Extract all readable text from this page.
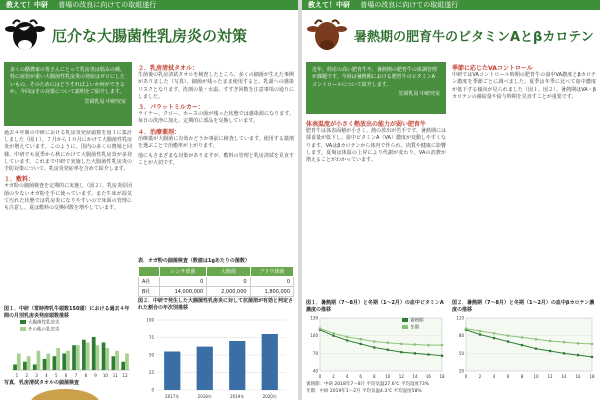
教えて！中研 普場の改良に向けての取組遂行
厄介な大腸菌性乳房炎の対策
多くの酪農家の皆さんにとって乳房炎は悩みの種。特に症状が重い大腸菌性乳房炎の発症はゼロにしたいもの。そのためにはどうすればよいか何ができるか。今回はその対策について説明をご紹介します。
笠岡乳局 中研究室
過去４年間の中研における乳房炎発症頭数を図１に集計しました（図１）。７月から１０月にかけて大腸菌性乳房炎が増えています。このように、国内の多くの農場と同様、中研でも夏季から秋にかけて大腸菌性乳房炎が多発しています。これまで中研で実施した大腸菌性乳房炎の予防対策について、乳房炎発症率を含めて紹介します。
１．敷料：
オガ粉の細菌検査を定期的に実施し（図２）、乳房炎原因菌の少ないオガ粉を手に使っています。また牛床が湿気て汚れた状態では乳房炎になりやすいので床面の管理にも注意し、夏は敷料の交換回数を増やしています。
図１．中研（常時搾乳牛頭数150頭）における過去４年間の月別乳房炎発症頭数推移
1 2 3 4 5 6 7 8 9 10 11 12
大腸菌性乳房炎
その他の乳房炎
写真．乳房清拭タオルの細菌検査
２．乳房清拭タオル：
生菌後の乳房清拭タオルを検査したところ、多くの細菌が生えた事例がありました（写真）。細菌が残ったまま使用すると、乳頭への感染リスクとなります。洗剤の量・水温、すすぎ回数を注意事項の通りにしました。
３．パラットミルカー：
ライナー、クロー、ホースの菌が残った状態では感染源になります。毎日の洗浄に加え、定期的に部品を交換しています。
４．治療薬剤：
治療薬が大腸菌に有効かどうか事前に検査しています。使用する薬剤を選ぶことで治癒率が上がります。
他にもさまざまな対策がありますが、敷料の管理と乳房清拭を見直すことが大切です。
表．オガ粉の細菌検査（数値は1gあたりの菌数）
	レンサ球菌	大腸菌	ブドウ球菌
A社	0	0	0
B社	14,000,000	2,000,000	1,800,000
図２．中研で発生した大腸菌性乳房炎に対して抗菌剤が有効と判定された割合の年次別推移
0
25
50
75
100
2017年	2018年	2019年	2020年
教えて！中研 普場の改良に向けての取組遂行
暑熱期の肥育牛のビタミンAとβカロテン
近年、経産の高い肥育牛や、暑熱期の肥育牛の体調管理が課題です。今回は暑熱期における肥育牛のビタミンAコントロールについて紹介します。
笠岡乳局 中研究室
体表温度が小さく熱放出の能力が弱い肥育牛
肥育牛は体表面積が小さく、熱の放出が苦手です。暑熱期には採食量が低下し、血中ビタミンA（VA）濃度が変動しやすくなります。VAはβカロテンから体内で作られ、肉質や健康に影響します。夏場は体温の上昇により代謝が変わり、VAの消費が増えることがわかっています。
季節に応じたVAコントロール
中研ではVAコントロール時期の肥育牛の血中VA濃度とβカロテン濃度を季節ごとに調べました。夏季は冬季に比べて血中濃度が低下する傾向が見られました（図１、図２）。暑熱期はVA・βカロテンの補給量や給与時期を見直すことが重要です。
図１．暑熱期（7〜8月）と冬期（1〜2月）の血中ビタミンA濃度の推移
40
70
100
130
0	2	4	6	8 10 12 14 16 18
図２．暑熱期（7〜8月）と冬期（1〜2月）の血中βカロテン濃度の推移
20
50
80
110
0	2	4	6	8	10 12 14 16 18
暑熱期
冬期
暑熱期：中研 2018年7〜8月 平均気温27.6℃ 平均湿度73%
冬期：中研 2019年1〜2月 平均気温4.3℃ 平均湿度58%
